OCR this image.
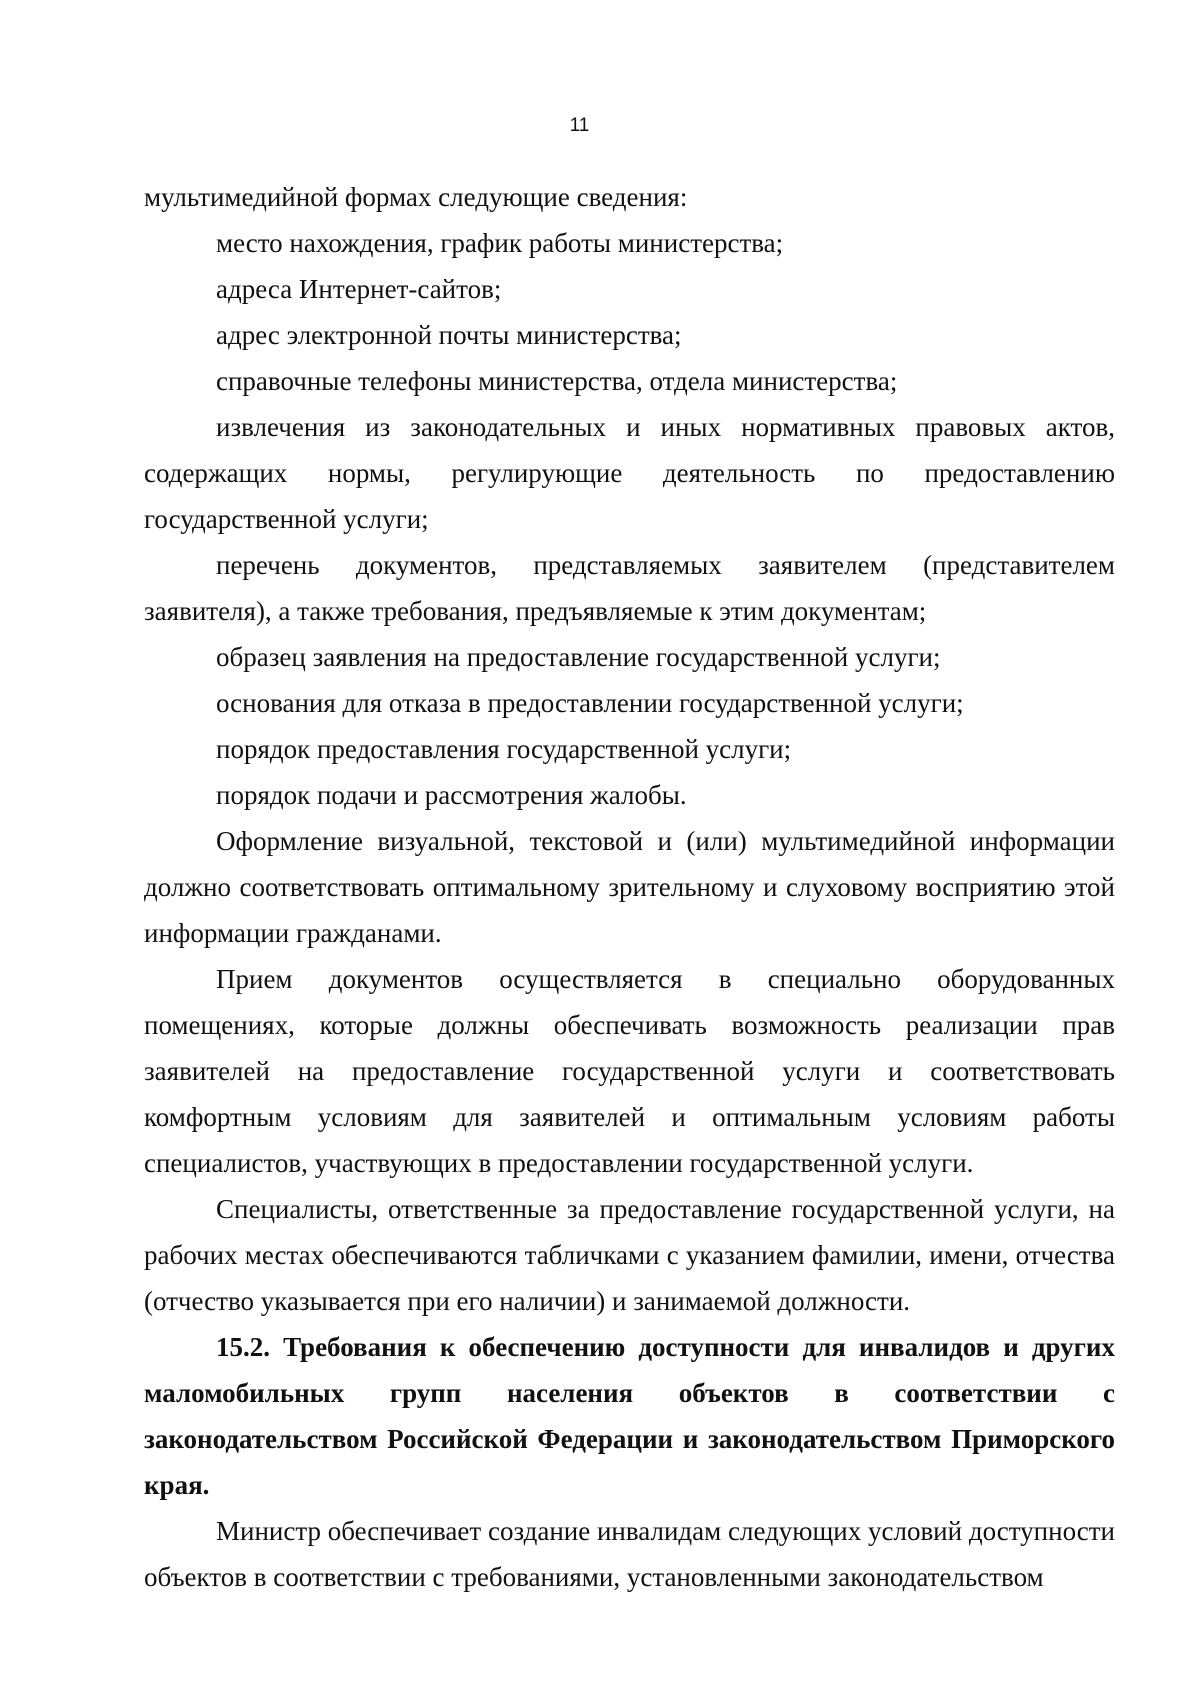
11

мультимедийной формах следующие сведения:

место нахождения, график работы министерства;

адреса Интернет-сайтов;

адрес электронной почты министерства;

справочные телефоны министерства, отдела министерства;

извлечения из законодательных и иных нормативных правовых актов, содержащих нормы, регулирующие деятельность по предоставлению государственной услуги;

перечень документов, представляемых заявителем (представителем заявителя), а также требования, предъявляемые к этим документам;

образец заявления на предоставление государственной услуги;

основания для отказа в предоставлении государственной услуги;

порядок предоставления государственной услуги;

порядок подачи и рассмотрения жалобы.

Оформление визуальной, текстовой и (или) мультимедийной информации должно соответствовать оптимальному зрительному и слуховому восприятию этой информации гражданами.

Прием документов осуществляется в специально оборудованных помещениях, которые должны обеспечивать возможность реализации прав заявителей на предоставление государственной услуги и соответствовать комфортным условиям для заявителей и оптимальным условиям работы специалистов, участвующих в предоставлении государственной услуги.

Специалисты, ответственные за предоставление государственной услуги, на рабочих местах обеспечиваются табличками с указанием фамилии, имени, отчества (отчество указывается при его наличии) и занимаемой должности.

15.2. Требования к обеспечению доступности для инвалидов и других маломобильных групп населения объектов в соответствии с законодательством Российской Федерации и законодательством Приморского края.

Министр обеспечивает создание инвалидам следующих условий доступности объектов в соответствии с требованиями, установленными законодательством
